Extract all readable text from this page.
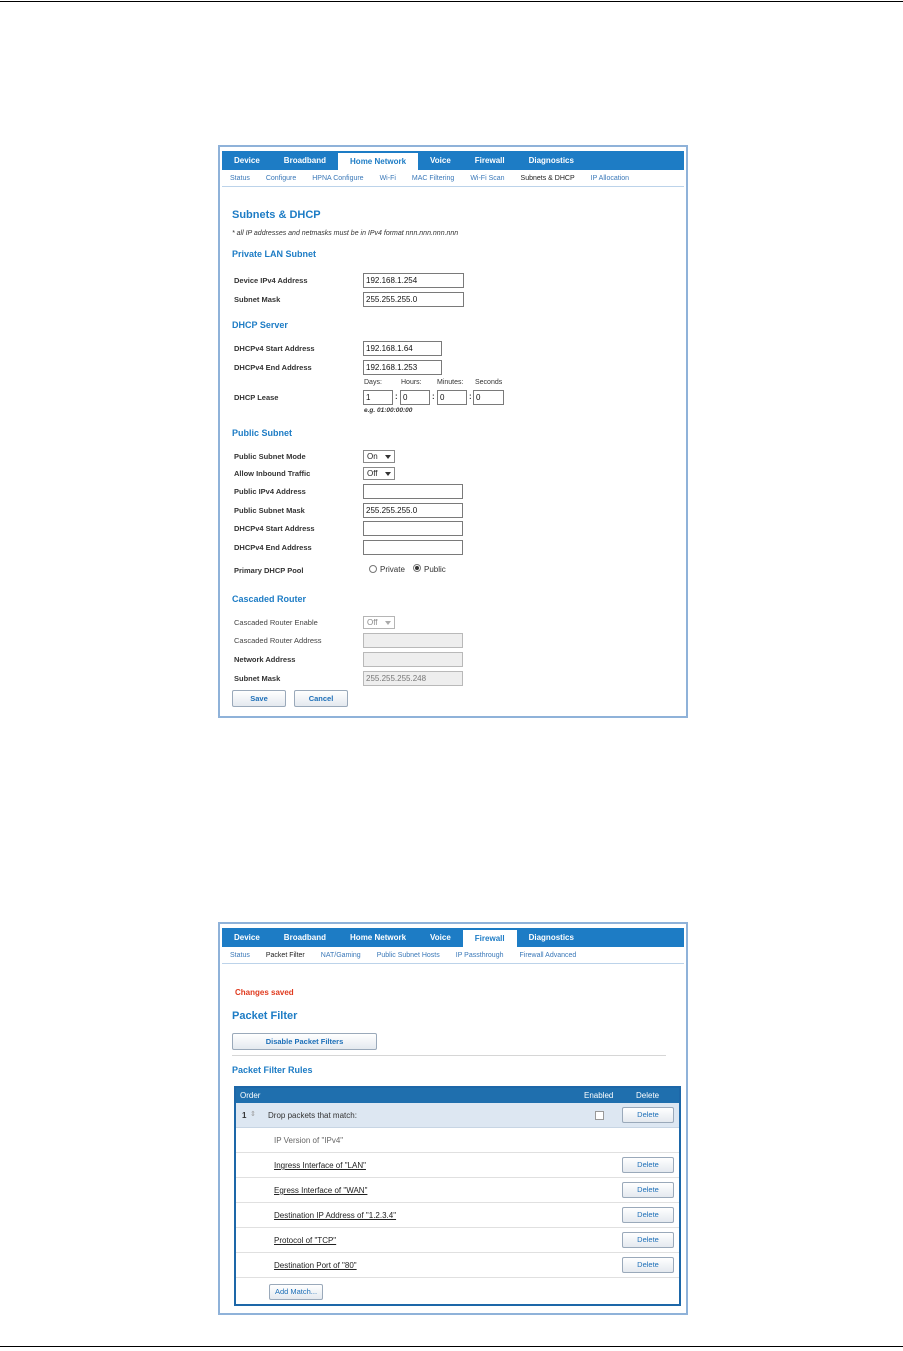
Device	Broadband	Home Network	Voice	Firewall	Diagnostics
Status	Configure	HPNA Configure	Wi-Fi	MAC Filtering	Wi-Fi Scan	Subnets & DHCP	IP Allocation
Subnets & DHCP
* all IP addresses and netmasks must be in IPv4 format nnn.nnn.nnn.nnn
Private LAN Subnet
Device IPv4 Address	192.168.1.254
Subnet Mask	255.255.255.0
DHCP Server
DHCPv4 Start Address	192.168.1.64
DHCPv4 End Address	192.168.1.253
Days:	Hours: Minutes: Seconds
DHCP Lease	1	: 0	: 0	: 0
e.g. 01:00:00:00
Public Subnet
Public Subnet Mode	On
Allow Inbound Traffic	Off
Public IPv4 Address
Public Subnet Mask	255.255.255.0
DHCPv4 Start Address
DHCPv4 End Address
Primary DHCP Pool	Private Public
Cascaded Router
Cascaded Router Enable	Off
Cascaded Router Address
Network Address
Subnet Mask	255.255.255.248
Save	Cancel
Device	Broadband	Home Network	Voice	Firewall	Diagnostics
Status	Packet Filter	NAT/Gaming	Public Subnet Hosts	IP Passthrough	Firewall Advanced
Changes saved
Packet Filter
Disable Packet Filters
Packet Filter Rules
Order	Enabled	Delete
1 ⇕ Drop packets that match:	Delete
IP Version of "IPv4"
Ingress Interface of "LAN"	Delete
Egress Interface of "WAN"	Delete
Destination IP Address of "1.2.3.4"	Delete
Protocol of "TCP"	Delete
Destination Port of "80"	Delete
Add Match...
